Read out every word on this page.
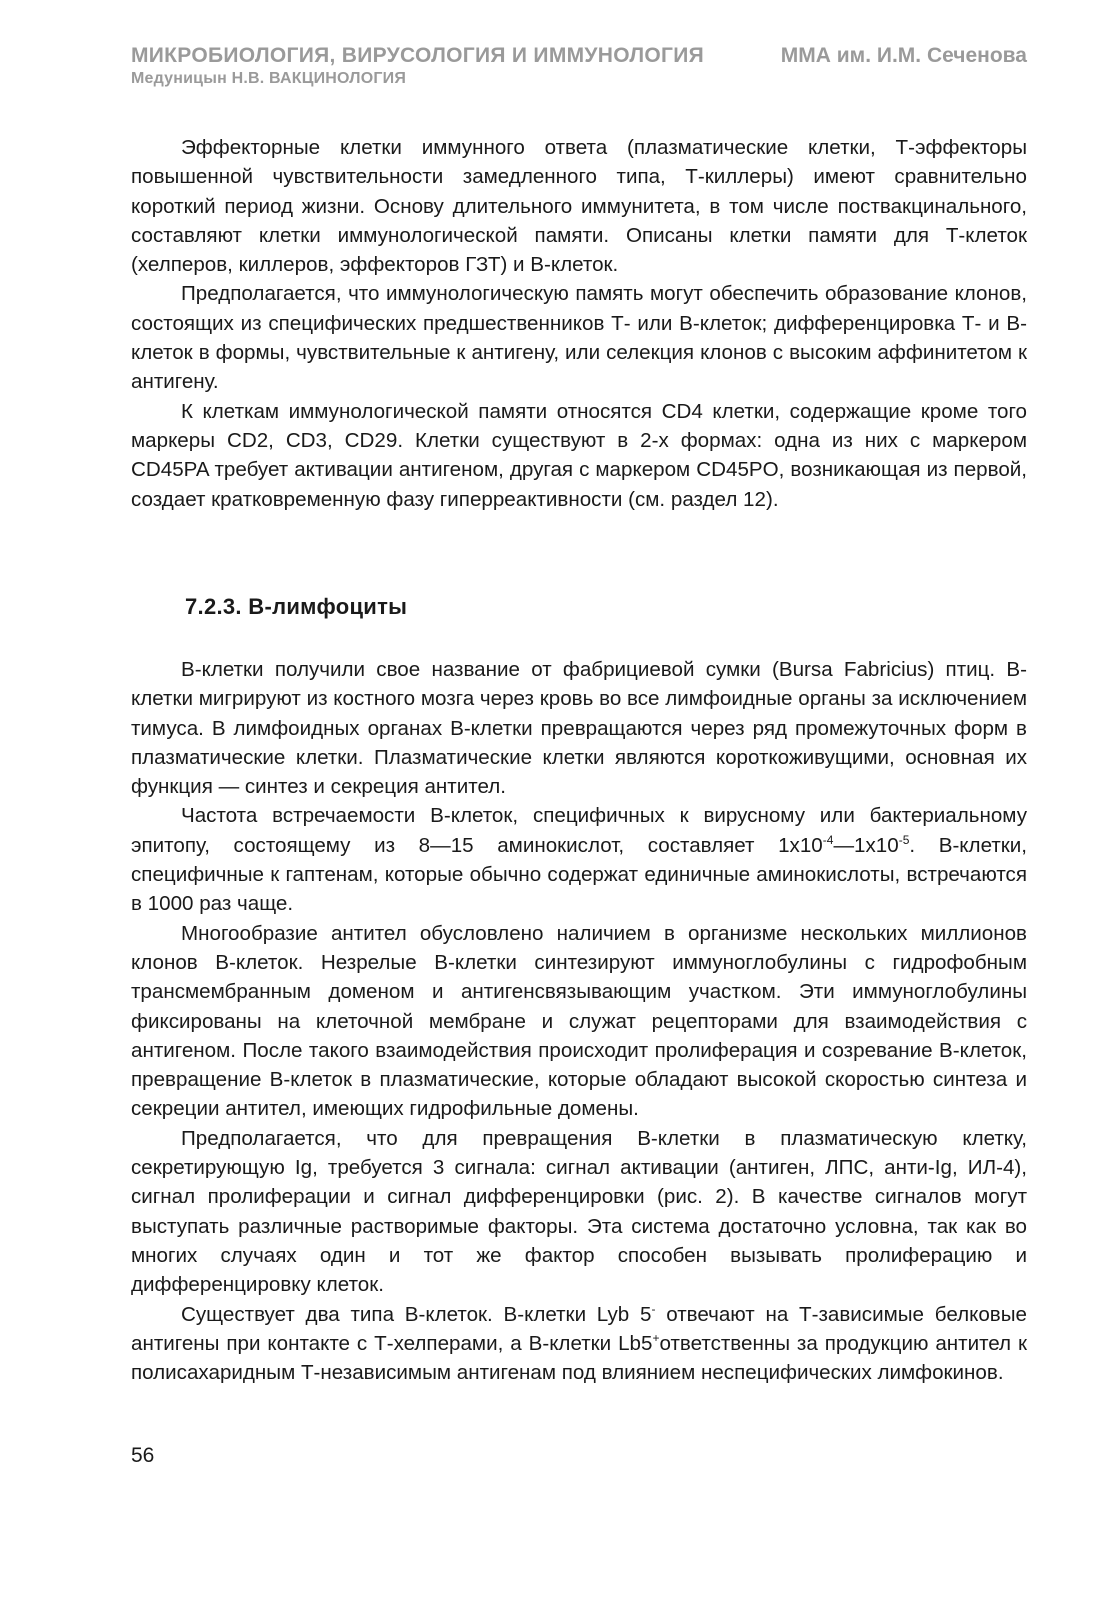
МИКРОБИОЛОГИЯ, ВИРУСОЛОГИЯ И ИММУНОЛОГИЯ	ММА им. И.М. Сеченова
Медуницын Н.В. ВАКЦИНОЛОГИЯ

Эффекторные клетки иммунного ответа (плазматические клетки, Т-эффекторы повышенной чувствительности замедленного типа, Т-киллеры) имеют сравнительно короткий период жизни. Основу длительного иммунитета, в том числе поствакцинального, составляют клетки иммунологической памяти. Описаны клетки памяти для Т-клеток (хелперов, киллеров, эффекторов ГЗТ) и В-клеток.

Предполагается, что иммунологическую память могут обеспечить образование клонов, состоящих из специфических предшественников Т- или В-клеток; дифференцировка Т- и В-клеток в формы, чувствительные к антигену, или селекция клонов с высоким аффинитетом к антигену.

К клеткам иммунологической памяти относятся CD4 клетки, содержащие кроме того маркеры CD2, CD3, CD29. Клетки существуют в 2-х формах: одна из них с маркером CD45PA требует активации антигеном, другая с маркером CD45PO, возникающая из первой, создает кратковременную фазу гиперреактивности (см. раздел 12).

7.2.3. В-лимфоциты

В-клетки получили свое название от фабрициевой сумки (Bursa Fabricius) птиц. В-клетки мигрируют из костного мозга через кровь во все лимфоидные органы за исключением тимуса. В лимфоидных органах В-клетки превращаются через ряд промежуточных форм в плазматические клетки. Плазматические клетки являются короткоживущими, основная их функция — синтез и секреция антител.

Частота встречаемости В-клеток, специфичных к вирусному или бактериальному эпитопу, состоящему из 8—15 аминокислот, составляет $1x10^{-4}—1x10^{-5}$. В-клетки, специфичные к гаптенам, которые обычно содержат единичные аминокислоты, встречаются в 1000 раз чаще.

Многообразие антител обусловлено наличием в организме нескольких миллионов клонов В-клеток. Незрелые В-клетки синтезируют иммуноглобулины с гидрофобным трансмембранным доменом и антигенсвязывающим участком. Эти иммуноглобулины фиксированы на клеточной мембране и служат рецепторами для взаимодействия с антигеном. После такого взаимодействия происходит пролиферация и созревание В-клеток, превращение В-клеток в плазматические, которые обладают высокой скоростью синтеза и секреции антител, имеющих гидрофильные домены.

Предполагается, что для превращения В-клетки в плазматическую клетку, секретирующую Ig, требуется 3 сигнала: сигнал активации (антиген, ЛПС, анти-Ig, ИЛ-4), сигнал пролиферации и сигнал дифференцировки (рис. 2). В качестве сигналов могут выступать различные растворимые факторы. Эта система достаточно условна, так как во многих случаях один и тот же фактор способен вызывать пролиферацию и дифференцировку клеток.

Существует два типа В-клеток. В-клетки Lyb 5- отвечают на Т-зависимые белковые антигены при контакте с Т-хелперами, а В-клетки Lb5+ответственны за продукцию антител к полисахаридным Т-независимым антигенам под влиянием неспецифических лимфокинов.

56
